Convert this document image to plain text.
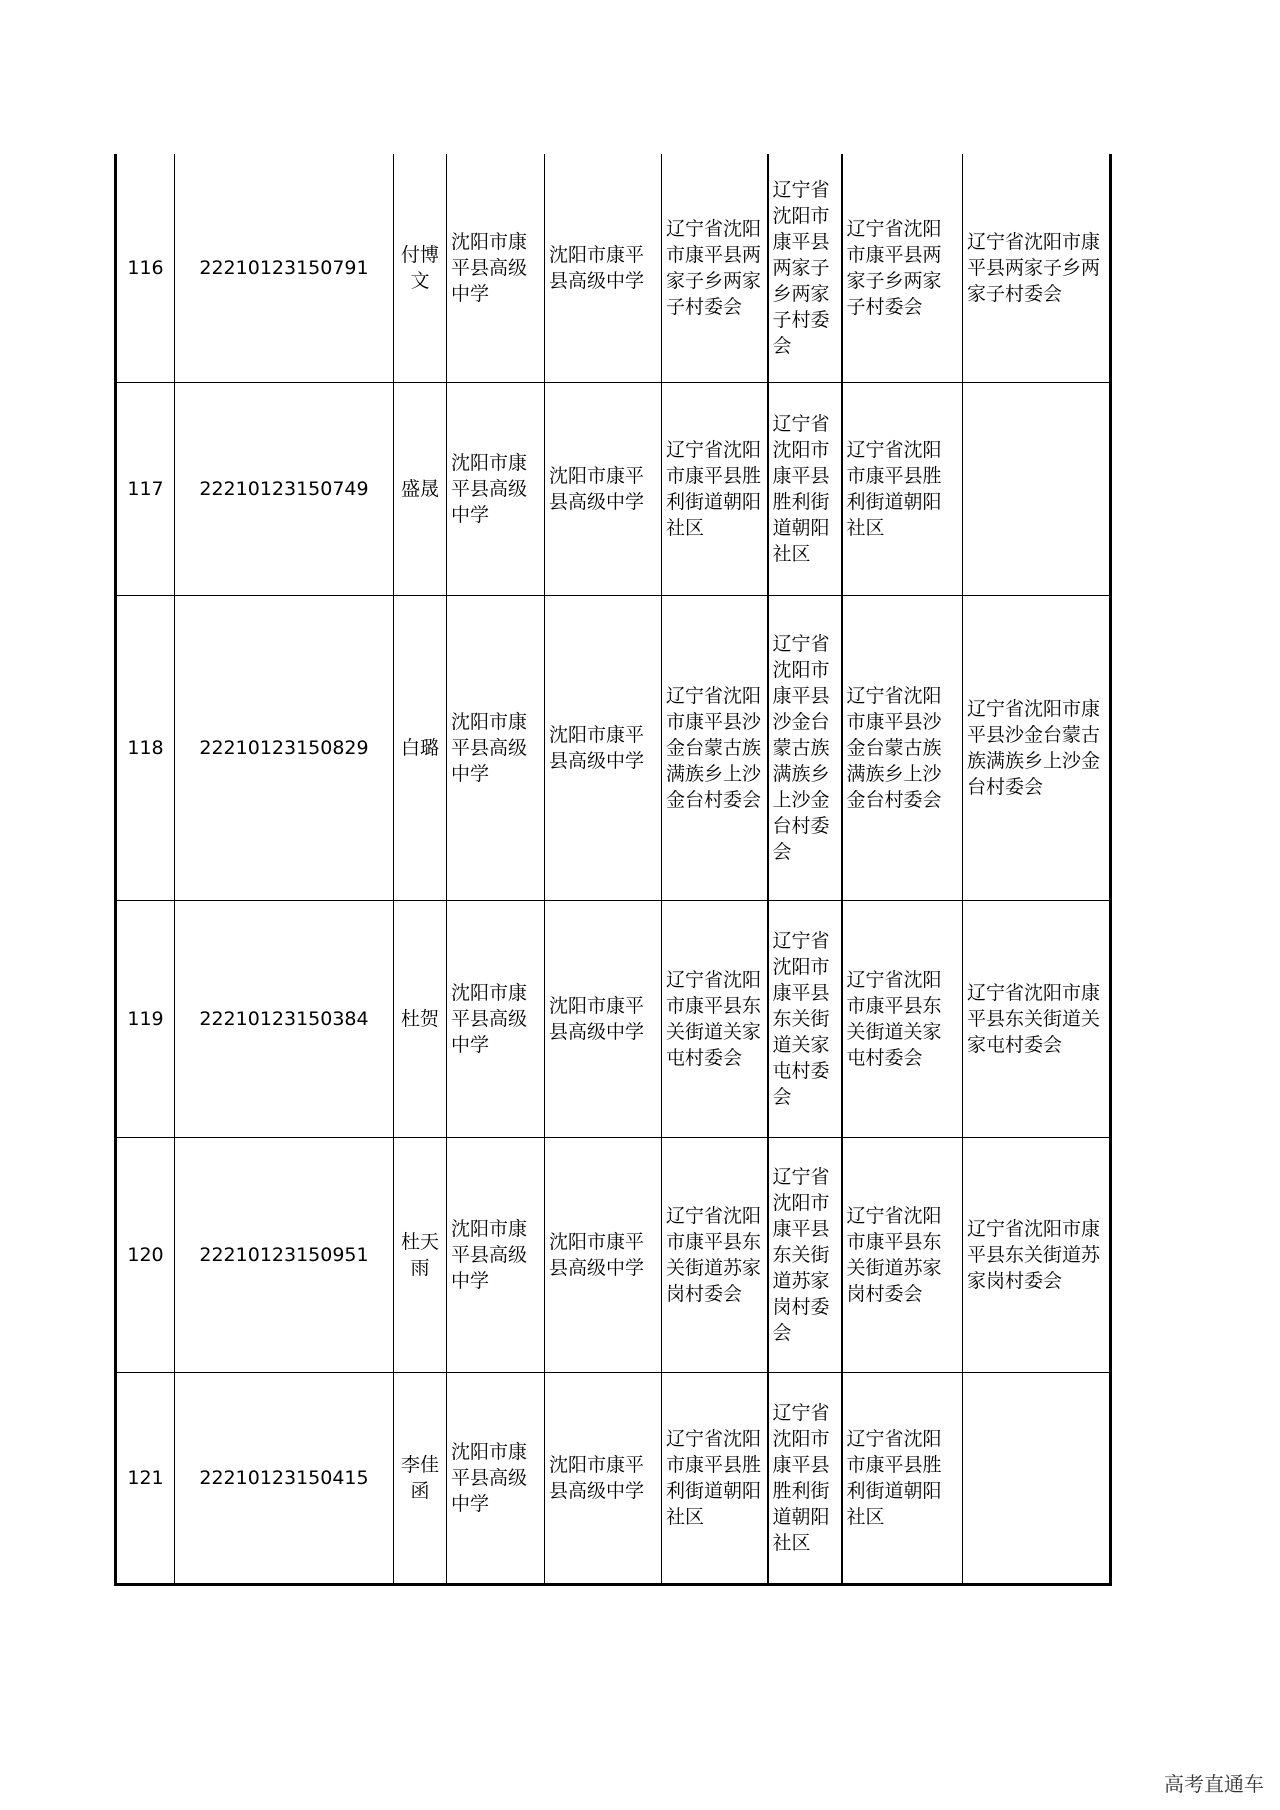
116	22210123150791	付博文	沈阳市康平县高级中学	沈阳市康平县高级中学	辽宁省沈阳市康平县两家子乡两家子村委会	辽宁省沈阳市康平县两家子乡两家子村委会	辽宁省沈阳市康平县两家子乡两家子村委会	辽宁省沈阳市康平县两家子乡两家子村委会
117	22210123150749	盛晟	沈阳市康平县高级中学	沈阳市康平县高级中学	辽宁省沈阳市康平县胜利街道朝阳社区	辽宁省沈阳市康平县胜利街道朝阳社区	辽宁省沈阳市康平县胜利街道朝阳社区	
118	22210123150829	白璐	沈阳市康平县高级中学	沈阳市康平县高级中学	辽宁省沈阳市康平县沙金台蒙古族满族乡上沙金台村委会	辽宁省沈阳市康平县沙金台蒙古族满族乡上沙金台村委会	辽宁省沈阳市康平县沙金台蒙古族满族乡上沙金台村委会	辽宁省沈阳市康平县沙金台蒙古族满族乡上沙金台村委会
119	22210123150384	杜贺	沈阳市康平县高级中学	沈阳市康平县高级中学	辽宁省沈阳市康平县东关街道关家屯村委会	辽宁省沈阳市康平县东关街道关家屯村委会	辽宁省沈阳市康平县东关街道关家屯村委会	辽宁省沈阳市康平县东关街道关家屯村委会
120	22210123150951	杜天雨	沈阳市康平县高级中学	沈阳市康平县高级中学	辽宁省沈阳市康平县东关街道苏家岗村委会	辽宁省沈阳市康平县东关街道苏家岗村委会	辽宁省沈阳市康平县东关街道苏家岗村委会	辽宁省沈阳市康平县东关街道苏家岗村委会
121	22210123150415	李佳函	沈阳市康平县高级中学	沈阳市康平县高级中学	辽宁省沈阳市康平县胜利街道朝阳社区	辽宁省沈阳市康平县胜利街道朝阳社区	辽宁省沈阳市康平县胜利街道朝阳社区	
高考直通车
